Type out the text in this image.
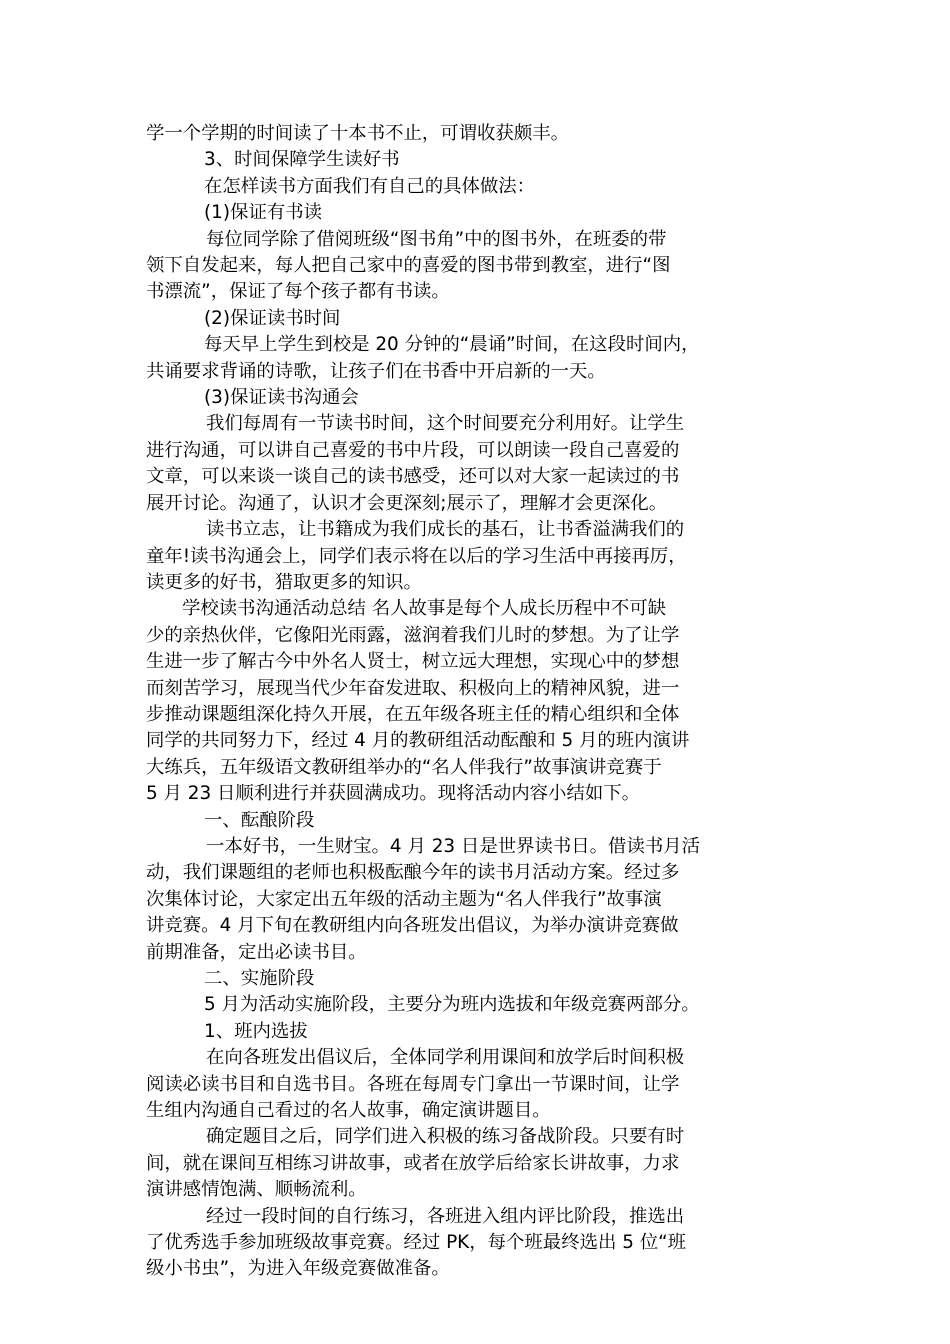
学一个学期的时间读了十本书不止，可谓收获颇丰。

3、时间保障学生读好书

在怎样读书方面我们有自己的具体做法：

(1)保证有书读

每位同学除了借阅班级“图书角”中的图书外，在班委的带

领下自发起来，每人把自己家中的喜爱的图书带到教室，进行“图

书漂流”，保证了每个孩子都有书读。

(2)保证读书时间

每天早上学生到校是 20 分钟的“晨诵”时间，在这段时间内，

共诵要求背诵的诗歌，让孩子们在书香中开启新的一天。

(3)保证读书沟通会

我们每周有一节读书时间，这个时间要充分利用好。让学生

进行沟通，可以讲自己喜爱的书中片段，可以朗读一段自己喜爱的

文章，可以来谈一谈自己的读书感受，还可以对大家一起读过的书

展开讨论。沟通了，认识才会更深刻;展示了，理解才会更深化。

读书立志，让书籍成为我们成长的基石，让书香溢满我们的

童年!读书沟通会上，同学们表示将在以后的学习生活中再接再厉，

读更多的好书，猎取更多的知识。

学校读书沟通活动总结 名人故事是每个人成长历程中不可缺

少的亲热伙伴，它像阳光雨露，滋润着我们儿时的梦想。为了让学

生进一步了解古今中外名人贤士，树立远大理想，实现心中的梦想

而刻苦学习，展现当代少年奋发进取、积极向上的精神风貌，进一

步推动课题组深化持久开展，在五年级各班主任的精心组织和全体

同学的共同努力下，经过 4 月的教研组活动酝酿和 5 月的班内演讲

大练兵，五年级语文教研组举办的“名人伴我行”故事演讲竞赛于

5 月 23 日顺利进行并获圆满成功。现将活动内容小结如下。

一、酝酿阶段

一本好书，一生财宝。4 月 23 日是世界读书日。借读书月活

动，我们课题组的老师也积极酝酿今年的读书月活动方案。经过多

次集体讨论，大家定出五年级的活动主题为“名人伴我行”故事演

讲竞赛。4 月下旬在教研组内向各班发出倡议，为举办演讲竞赛做

前期准备，定出必读书目。

二、实施阶段

5 月为活动实施阶段，主要分为班内选拔和年级竞赛两部分。

1、班内选拔

在向各班发出倡议后，全体同学利用课间和放学后时间积极

阅读必读书目和自选书目。各班在每周专门拿出一节课时间，让学

生组内沟通自己看过的名人故事，确定演讲题目。

确定题目之后，同学们进入积极的练习备战阶段。只要有时

间，就在课间互相练习讲故事，或者在放学后给家长讲故事，力求

演讲感情饱满、顺畅流利。

经过一段时间的自行练习，各班进入组内评比阶段，推选出

了优秀选手参加班级故事竞赛。经过 PK，每个班最终选出 5 位“班

级小书虫”，为进入年级竞赛做准备。
